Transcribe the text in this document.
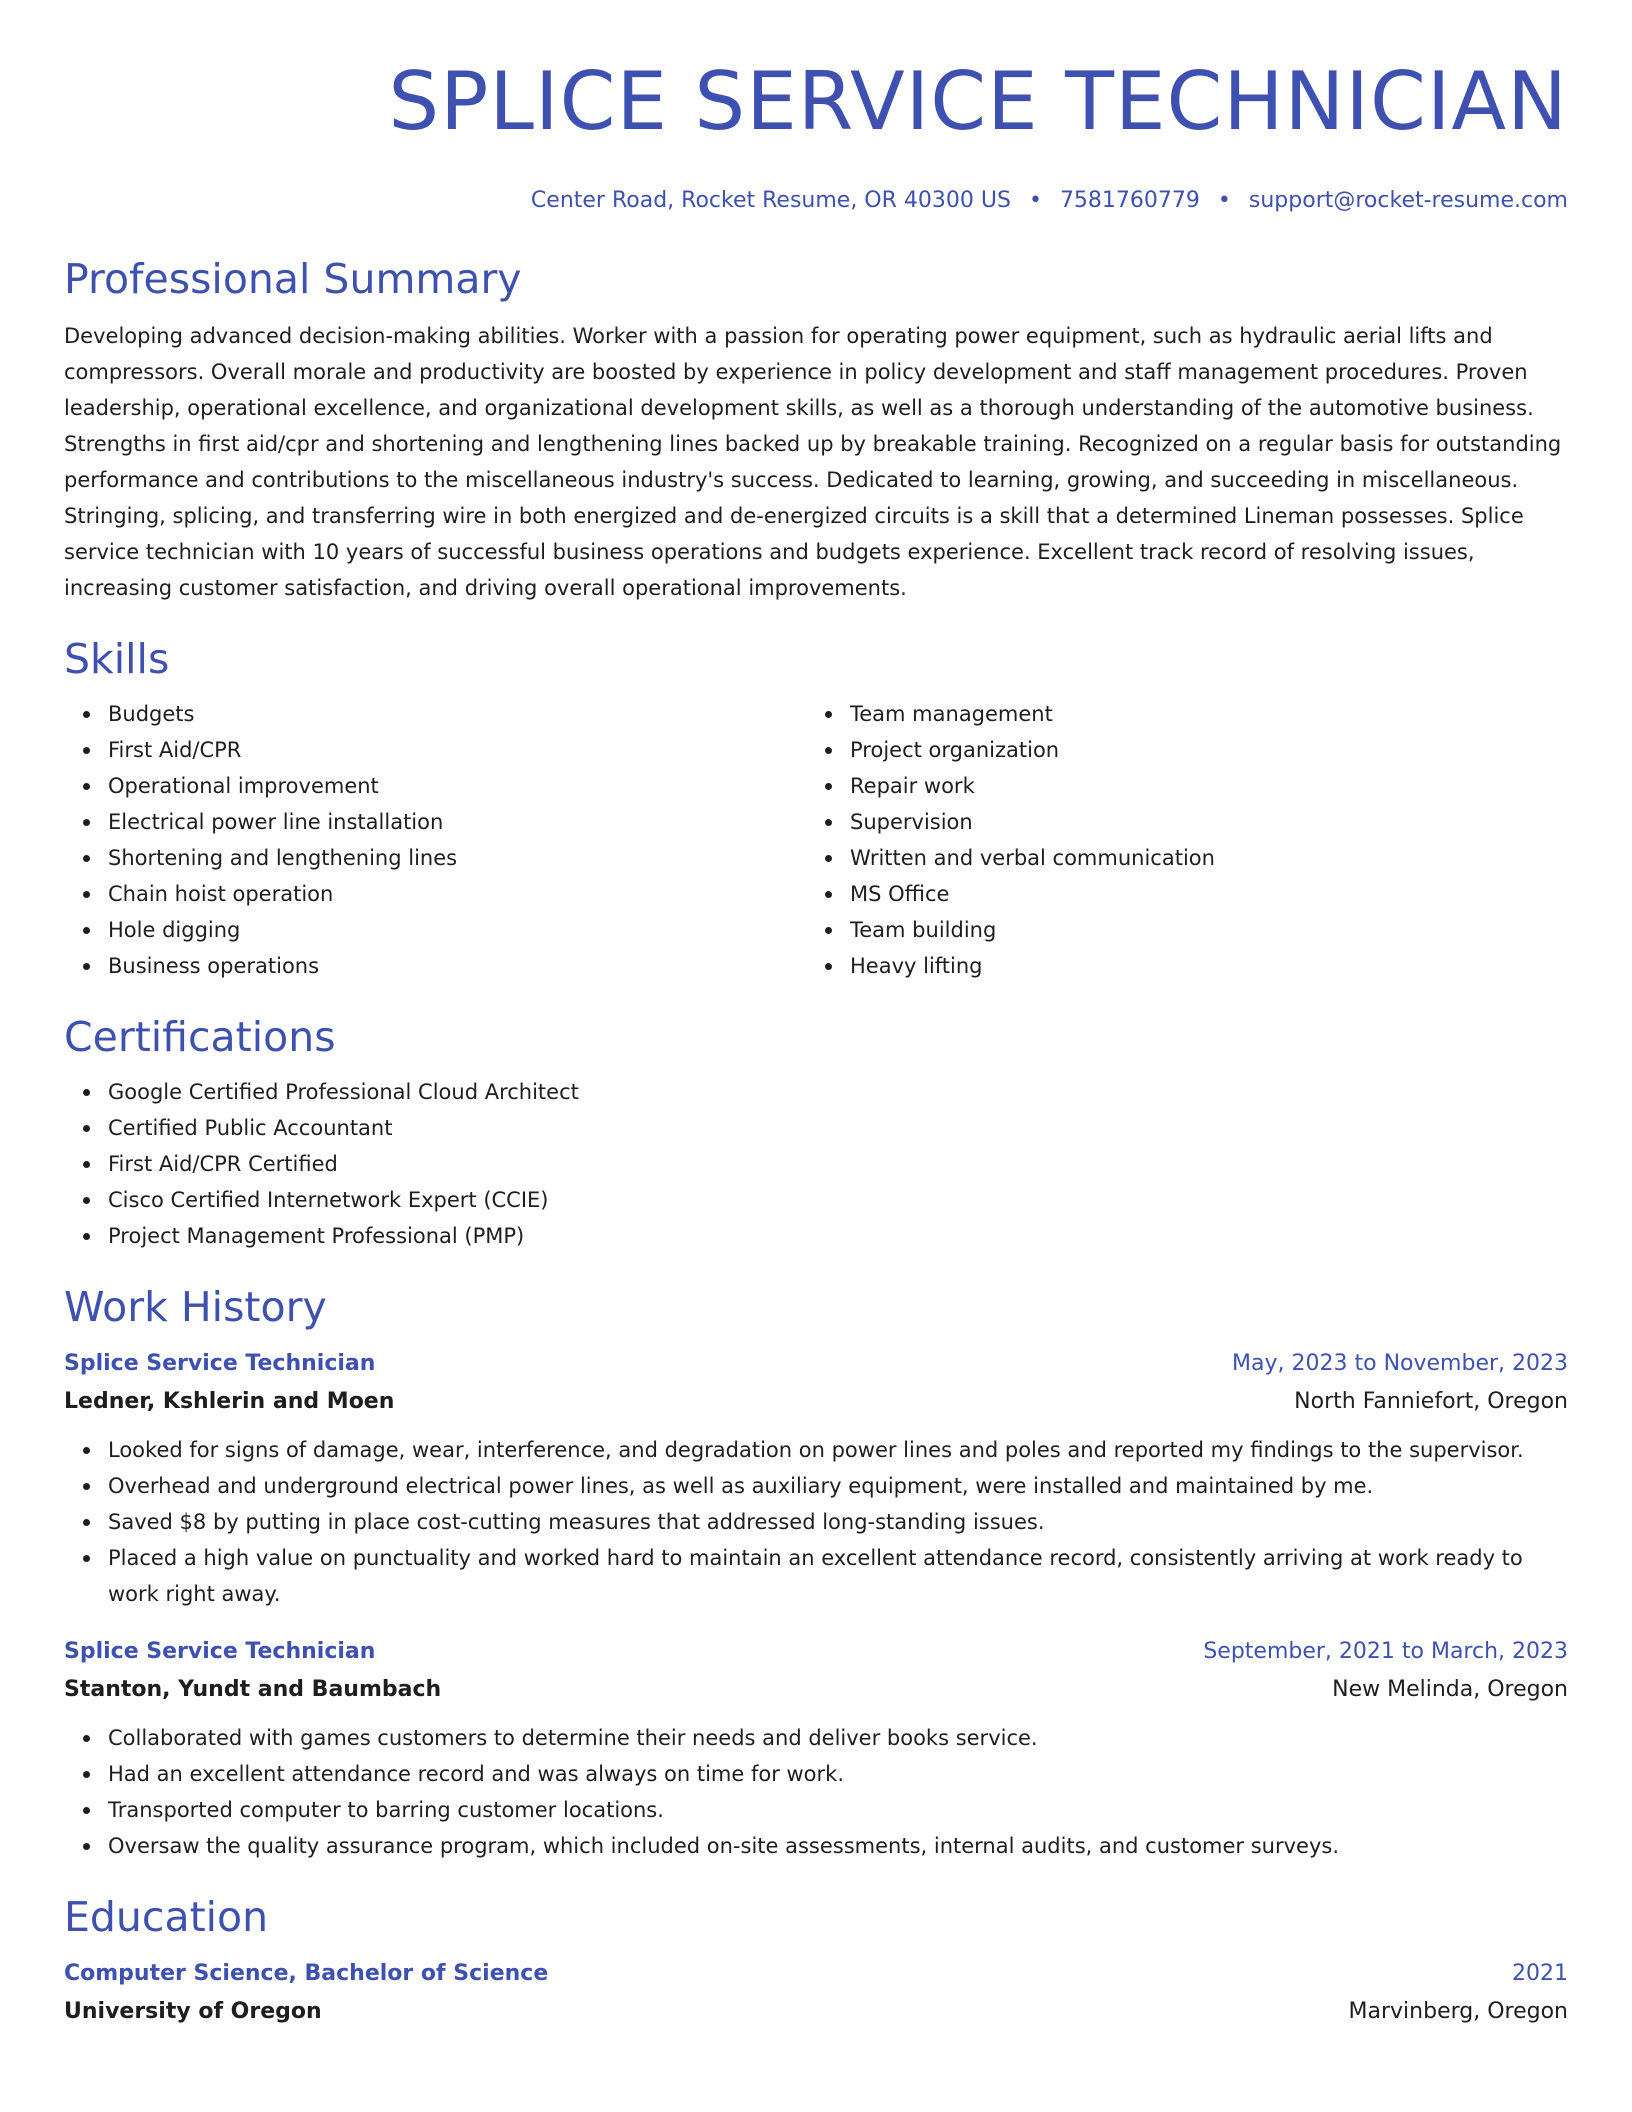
SPLICE SERVICE TECHNICIAN
Center Road, Rocket Resume, OR 40300 US • 7581760779 • support@rocket-resume.com
Professional Summary

Developing advanced decision-making abilities. Worker with a passion for operating power equipment, such as hydraulic aerial lifts and compressors. Overall morale and productivity are boosted by experience in policy development and staff management procedures. Proven leadership, operational excellence, and organizational development skills, as well as a thorough understanding of the automotive business. Strengths in first aid/cpr and shortening and lengthening lines backed up by breakable training. Recognized on a regular basis for outstanding performance and contributions to the miscellaneous industry's success. Dedicated to learning, growing, and succeeding in miscellaneous. Stringing, splicing, and transferring wire in both energized and de-energized circuits is a skill that a determined Lineman possesses. Splice service technician with 10 years of successful business operations and budgets experience. Excellent track record of resolving issues, increasing customer satisfaction, and driving overall operational improvements.

Skills
Budgets
First Aid/CPR
Operational improvement
Electrical power line installation
Shortening and lengthening lines
Chain hoist operation
Hole digging
Business operations
Team management
Project organization
Repair work
Supervision
Written and verbal communication
MS Office
Team building
Heavy lifting
Certifications
Google Certified Professional Cloud Architect
Certified Public Accountant
First Aid/CPR Certified
Cisco Certified Internetwork Expert (CCIE)
Project Management Professional (PMP)
Work History
Splice Service Technician	May, 2023 to November, 2023
Ledner, Kshlerin and Moen	North Fanniefort, Oregon
Looked for signs of damage, wear, interference, and degradation on power lines and poles and reported my findings to the supervisor.
Overhead and underground electrical power lines, as well as auxiliary equipment, were installed and maintained by me.
Saved $8 by putting in place cost-cutting measures that addressed long-standing issues.
Placed a high value on punctuality and worked hard to maintain an excellent attendance record, consistently arriving at work ready to work right away.
Splice Service Technician	September, 2021 to March, 2023
Stanton, Yundt and Baumbach	New Melinda, Oregon
Collaborated with games customers to determine their needs and deliver books service.
Had an excellent attendance record and was always on time for work.
Transported computer to barring customer locations.
Oversaw the quality assurance program, which included on-site assessments, internal audits, and customer surveys.
Education
Computer Science, Bachelor of Science	2021
University of Oregon	Marvinberg, Oregon
